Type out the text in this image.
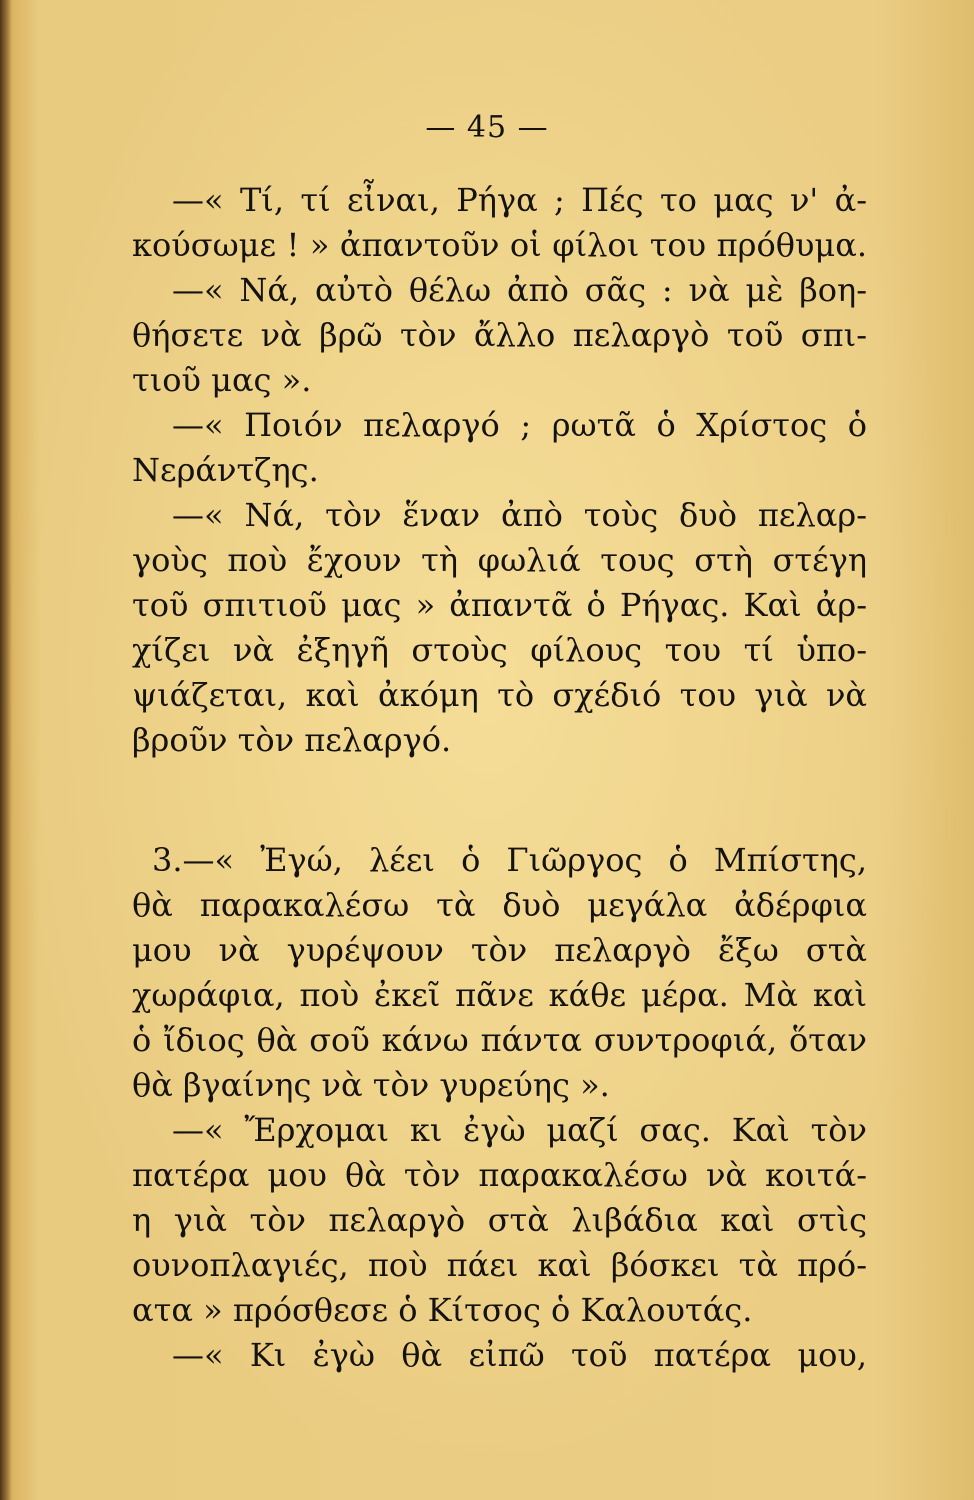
— 45 —
—« Τί, τί εἶναι, Ρήγα ; Πές το μας ν' ἀ-
κούσωμε ! » ἀπαντοῦν οἱ φίλοι του πρόθυμα.
—« Νά, αὐτὸ θέλω ἀπὸ σᾶς : νὰ μὲ βοη-
θήσετε νὰ βρῶ τὸν ἄλλο πελαργὸ τοῦ σπι-
τιοῦ μας ».
—« Ποιόν πελαργό ; ρωτᾶ ὁ Χρίστος ὁ
Νεράντζης.
—« Νά, τὸν ἕναν ἀπὸ τοὺς δυὸ πελαρ-
γοὺς ποὺ ἔχουν τὴ φωλιά τους στὴ στέγη
τοῦ σπιτιοῦ μας » ἀπαντᾶ ὁ Ρήγας. Καὶ ἀρ-
χίζει νὰ ἐξηγῆ στοὺς φίλους του τί ὑπο-
ψιάζεται, καὶ ἀκόμη τὸ σχέδιό του γιὰ νὰ
βροῦν τὸν πελαργό.
3.—« Ἐγώ, λέει ὁ Γιῶργος ὁ Μπίστης,
θὰ παρακαλέσω τὰ δυὸ μεγάλα ἀδέρφια
μου νὰ γυρέψουν τὸν πελαργὸ ἔξω στὰ
χωράφια, ποὺ ἐκεῖ πᾶνε κάθε μέρα. Μὰ καὶ
ὁ ἴδιος θὰ σοῦ κάνω πάντα συντροφιά, ὅταν
θὰ βγαίνης νὰ τὸν γυρεύης ».
—« Ἔρχομαι κι ἐγὼ μαζί σας. Καὶ τὸν
πατέρα μου θὰ τὸν παρακαλέσω νὰ κοιτά-
η γιὰ τὸν πελαργὸ στὰ λιβάδια καὶ στὶς
ουνοπλαγιές, ποὺ πάει καὶ βόσκει τὰ πρό-
ατα » πρόσθεσε ὁ Κίτσος ὁ Καλουτάς.
—« Κι ἐγὼ θὰ εἰπῶ τοῦ πατέρα μου,
